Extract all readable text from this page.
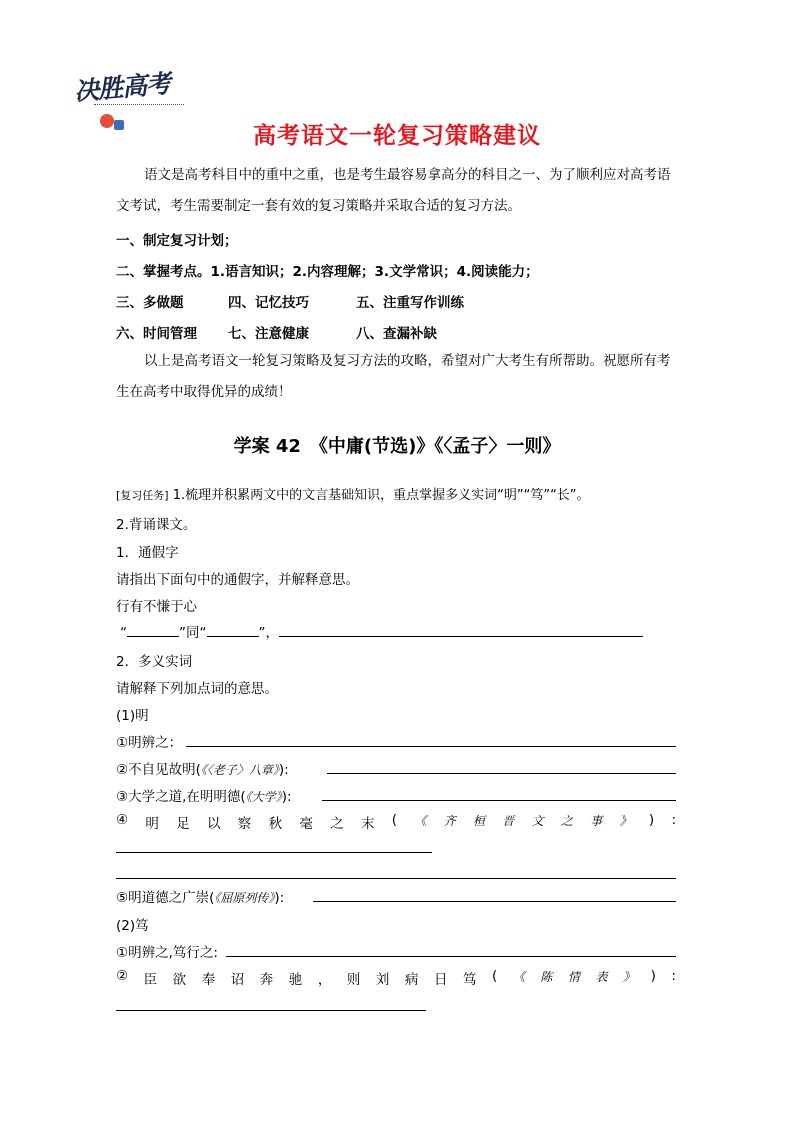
决胜高考
高考语文一轮复习策略建议
语文是高考科目中的重中之重，也是考生最容易拿高分的科目之一、为了顺利应对高考语文考试，考生需要制定一套有效的复习策略并采取合适的复习方法。
一、制定复习计划；
二、掌握考点。1.语言知识；2.内容理解；3.文学常识；4.阅读能力；
三、多做题	四、记忆技巧	五、注重写作训练
六、时间管理 七、注意健康	八、查漏补缺
以上是高考语文一轮复习策略及复习方法的攻略，希望对广大考生有所帮助。祝愿所有考生在高考中取得优异的成绩！
学案 42　《中庸(节选)》《〈孟子〉一则》
[复习任务] 1.梳理并积累两文中的文言基础知识，重点掌握多义实词“明”“笃”“长”。
2.背诵课文。
1．通假字
请指出下面句中的通假字，并解释意思。
行有不慊于心
“	”同“	”，
2．多义实词
请解释下列加点词的意思。
(1)明
①明辨之：
②不自见故明(《〈老子〉八章》):
③大学之道,在明明德(《大学》):
④ 明 足 以 察 秋 毫 之 末 ( 《 齐 桓 晋 文 之 事 》 ) :
⑤明道德之广崇(《屈原列传》):
(2)笃
①明辨之,笃行之:
② 臣 欲 奉 诏 奔 驰 ， 则 刘 病 日 笃 ( 《 陈 情 表 》 ) :
